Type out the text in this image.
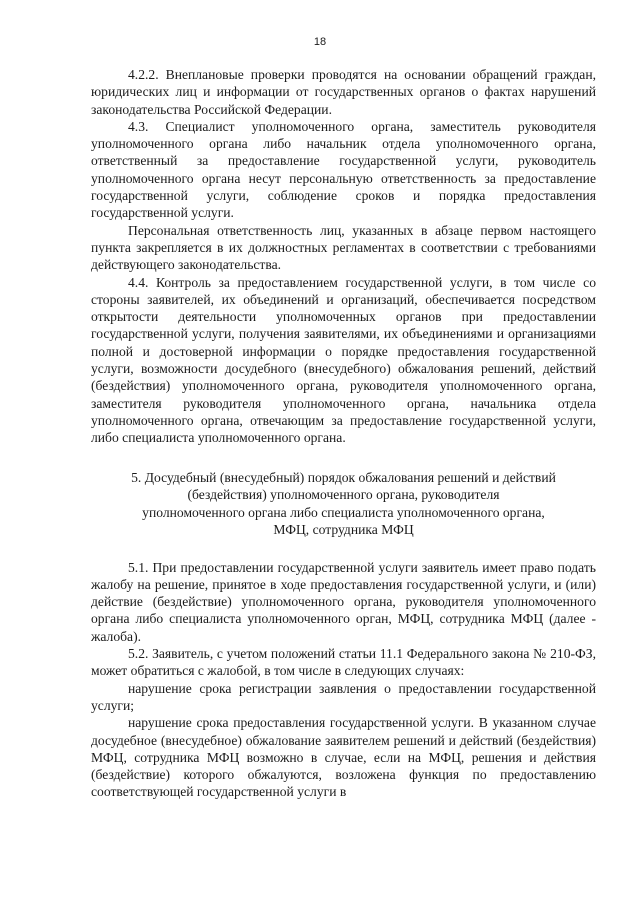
18

4.2.2. Внеплановые проверки проводятся на основании обращений граждан, юридических лиц и информации от государственных органов о фактах нарушений законодательства Российской Федерации.

4.3. Специалист уполномоченного органа, заместитель руководителя уполномоченного органа либо начальник отдела уполномоченного органа, ответственный за предоставление государственной услуги, руководитель уполномоченного органа несут персональную ответственность за предоставление государственной услуги, соблюдение сроков и порядка предоставления государственной услуги.

Персональная ответственность лиц, указанных в абзаце первом настоящего пункта закрепляется в их должностных регламентах в соответствии с требованиями действующего законодательства.

4.4. Контроль за предоставлением государственной услуги, в том числе со стороны заявителей, их объединений и организаций, обеспечивается посредством открытости деятельности уполномоченных органов при предоставлении государственной услуги, получения заявителями, их объединениями и организациями полной и достоверной информации о порядке предоставления государственной услуги, возможности досудебного (внесудебного) обжалования решений, действий (бездействия) уполномоченного органа, руководителя уполномоченного органа, заместителя руководителя уполномоченного органа, начальника отдела уполномоченного органа, отвечающим за предоставление государственной услуги, либо специалиста уполномоченного органа.

5. Досудебный (внесудебный) порядок обжалования решений и действий
(бездействия) уполномоченного органа, руководителя
уполномоченного органа либо специалиста уполномоченного органа,
МФЦ, сотрудника МФЦ

5.1. При предоставлении государственной услуги заявитель имеет право подать жалобу на решение, принятое в ходе предоставления государственной услуги, и (или) действие (бездействие) уполномоченного органа, руководителя уполномоченного органа либо специалиста уполномоченного орган, МФЦ, сотрудника МФЦ (далее - жалоба).

5.2. Заявитель, с учетом положений статьи 11.1 Федерального закона № 210-ФЗ, может обратиться с жалобой, в том числе в следующих случаях:

нарушение срока регистрации заявления о предоставлении государственной услуги;

нарушение срока предоставления государственной услуги. В указанном случае досудебное (внесудебное) обжалование заявителем решений и действий (бездействия) МФЦ, сотрудника МФЦ возможно в случае, если на МФЦ, решения и действия (бездействие) которого обжалуются, возложена функция по предоставлению соответствующей государственной услуги в
